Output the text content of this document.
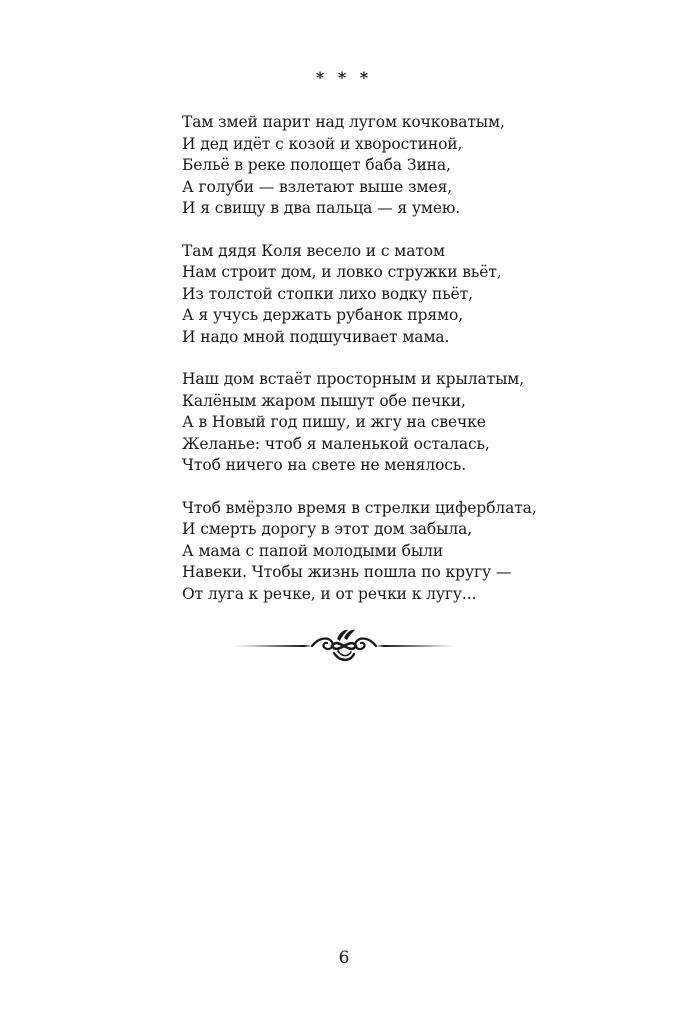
* * *
Там змей парит над лугом кочковатым,
И дед идёт с козой и хворостиной,
Бельё в реке полощет баба Зина,
А голуби — взлетают выше змея,
И я свищу в два пальца — я умею.
Там дядя Коля весело и с матом
Нам строит дом, и ловко стружки вьёт,
Из толстой стопки лихо водку пьёт,
А я учусь держать рубанок прямо,
И надо мной подшучивает мама.
Наш дом встаёт просторным и крылатым,
Калёным жаром пышут обе печки,
А в Новый год пишу, и жгу на свечке
Желанье: чтоб я маленькой осталась,
Чтоб ничего на свете не менялось.
Чтоб вмёрзло время в стрелки циферблата,
И смерть дорогу в этот дом забыла,
А мама с папой молодыми были
Навеки. Чтобы жизнь пошла по кругу —
От луга к речке, и от речки к лугу...
6
